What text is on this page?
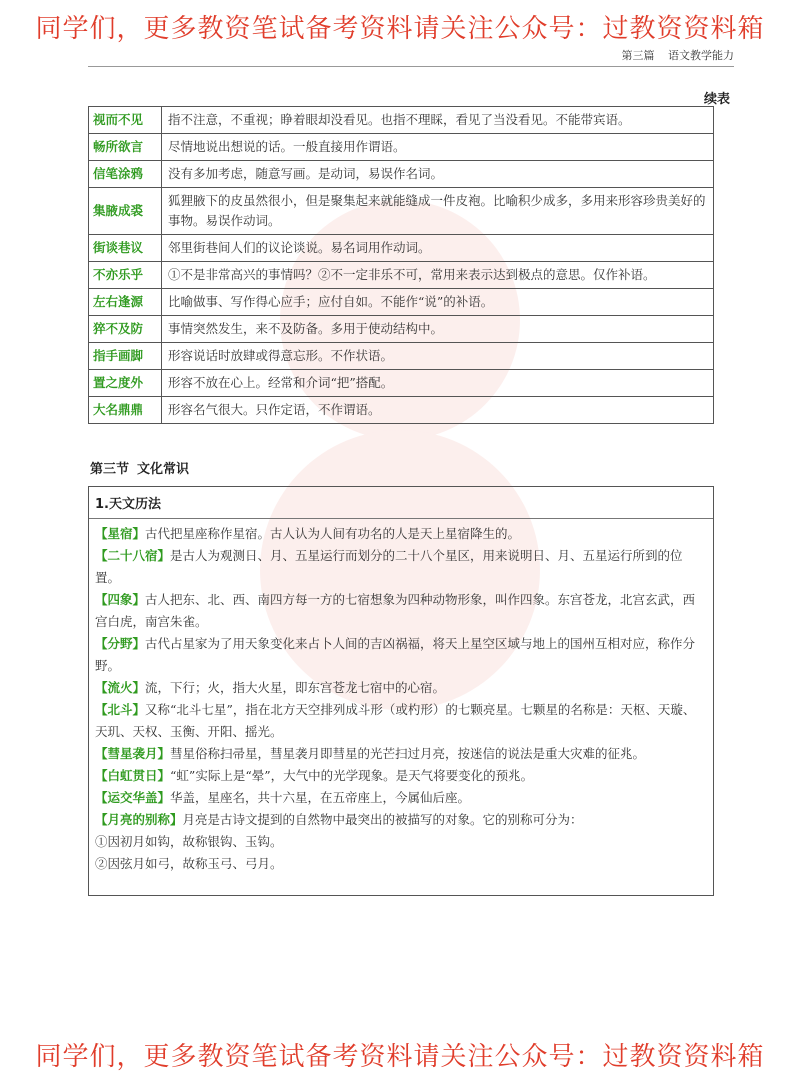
同学们，更多教资笔试备考资料请关注公众号：过教资资料箱
第三篇 语文教学能力
续表
视而不见	指不注意，不重视；睁着眼却没看见。也指不理睬，看见了当没看见。不能带宾语。
畅所欲言	尽情地说出想说的话。一般直接用作谓语。
信笔涂鸦	没有多加考虑，随意写画。是动词，易误作名词。
集腋成裘	狐狸腋下的皮虽然很小，但是聚集起来就能缝成一件皮袍。比喻积少成多，多用来形容珍贵美好的事物。易误作动词。
街谈巷议	邻里街巷间人们的议论谈说。易名词用作动词。
不亦乐乎	①不是非常高兴的事情吗？②不一定非乐不可，常用来表示达到极点的意思。仅作补语。
左右逢源	比喻做事、写作得心应手；应付自如。不能作“说”的补语。
猝不及防	事情突然发生，来不及防备。多用于使动结构中。
指手画脚	形容说话时放肆或得意忘形。不作状语。
置之度外	形容不放在心上。经常和介词“把”搭配。
大名鼎鼎	形容名气很大。只作定语，不作谓语。
第三节 文化常识
1.天文历法

【星宿】古代把星座称作星宿。古人认为人间有功名的人是天上星宿降生的。

【二十八宿】是古人为观测日、月、五星运行而划分的二十八个星区，用来说明日、月、五星运行所到的位置。

【四象】古人把东、北、西、南四方每一方的七宿想象为四种动物形象，叫作四象。东宫苍龙，北宫玄武，西宫白虎，南宫朱雀。

【分野】古代占星家为了用天象变化来占卜人间的吉凶祸福，将天上星空区域与地上的国州互相对应，称作分野。

【流火】流，下行；火，指大火星，即东宫苍龙七宿中的心宿。

【北斗】又称“北斗七星”，指在北方天空排列成斗形（或杓形）的七颗亮星。七颗星的名称是：天枢、天璇、天玑、天权、玉衡、开阳、摇光。

【彗星袭月】彗星俗称扫帚星，彗星袭月即彗星的光芒扫过月亮，按迷信的说法是重大灾难的征兆。

【白虹贯日】“虹”实际上是“晕”，大气中的光学现象。是天气将要变化的预兆。

【运交华盖】华盖，星座名，共十六星，在五帝座上，今属仙后座。

【月亮的别称】月亮是古诗文提到的自然物中最突出的被描写的对象。它的别称可分为：

①因初月如钩，故称银钩、玉钩。

②因弦月如弓，故称玉弓、弓月。

同学们，更多教资笔试备考资料请关注公众号：过教资资料箱
